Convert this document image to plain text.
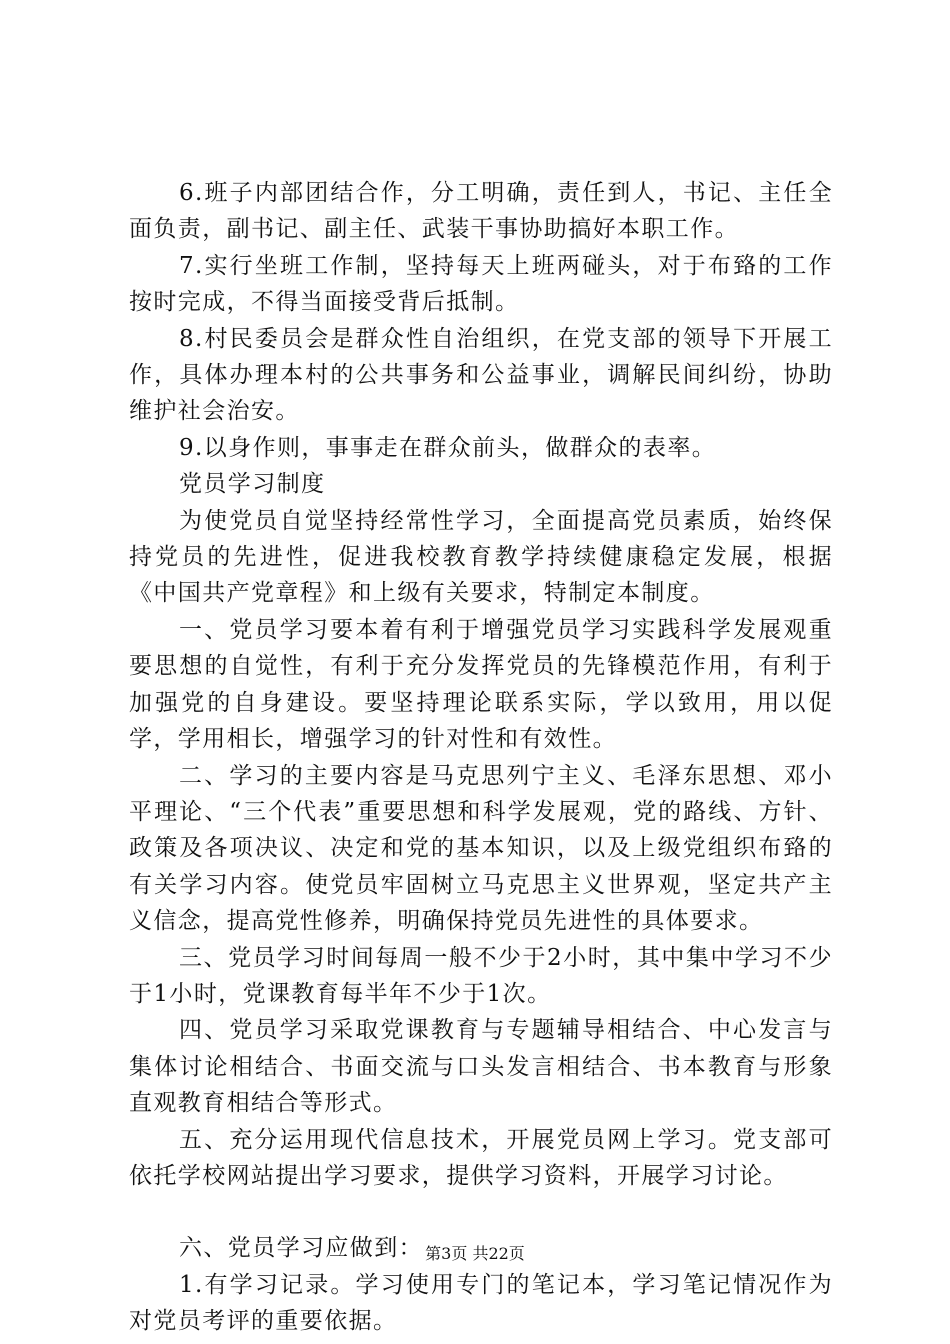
6.班子内部团结合作，分工明确，责任到人，书记、主任全面负责，副书记、副主任、武装干事协助搞好本职工作。

7.实行坐班工作制，坚持每天上班两碰头，对于布臵的工作按时完成，不得当面接受背后抵制。

8.村民委员会是群众性自治组织，在党支部的领导下开展工作，具体办理本村的公共事务和公益事业，调解民间纠纷，协助维护社会治安。

9.以身作则，事事走在群众前头，做群众的表率。

党员学习制度

为使党员自觉坚持经常性学习，全面提高党员素质，始终保持党员的先进性，促进我校教育教学持续健康稳定发展，根据《中国共产党章程》和上级有关要求，特制定本制度。

一、党员学习要本着有利于增强党员学习实践科学发展观重要思想的自觉性，有利于充分发挥党员的先锋模范作用，有利于加强党的自身建设。要坚持理论联系实际，学以致用，用以促学，学用相长，增强学习的针对性和有效性。

二、学习的主要内容是马克思列宁主义、毛泽东思想、邓小平理论、“三个代表”重要思想和科学发展观，党的路线、方针、政策及各项决议、决定和党的基本知识，以及上级党组织布臵的有关学习内容。使党员牢固树立马克思主义世界观，坚定共产主义信念，提高党性修养，明确保持党员先进性的具体要求。

三、党员学习时间每周一般不少于2小时，其中集中学习不少于1小时，党课教育每半年不少于1次。

四、党员学习采取党课教育与专题辅导相结合、中心发言与集体讨论相结合、书面交流与口头发言相结合、书本教育与形象直观教育相结合等形式。

五、充分运用现代信息技术，开展党员网上学习。党支部可依托学校网站提出学习要求，提供学习资料，开展学习讨论。

六、党员学习应做到：

1.有学习记录。学习使用专门的笔记本，学习笔记情况作为对党员考评的重要依据。

第3页 共22页
